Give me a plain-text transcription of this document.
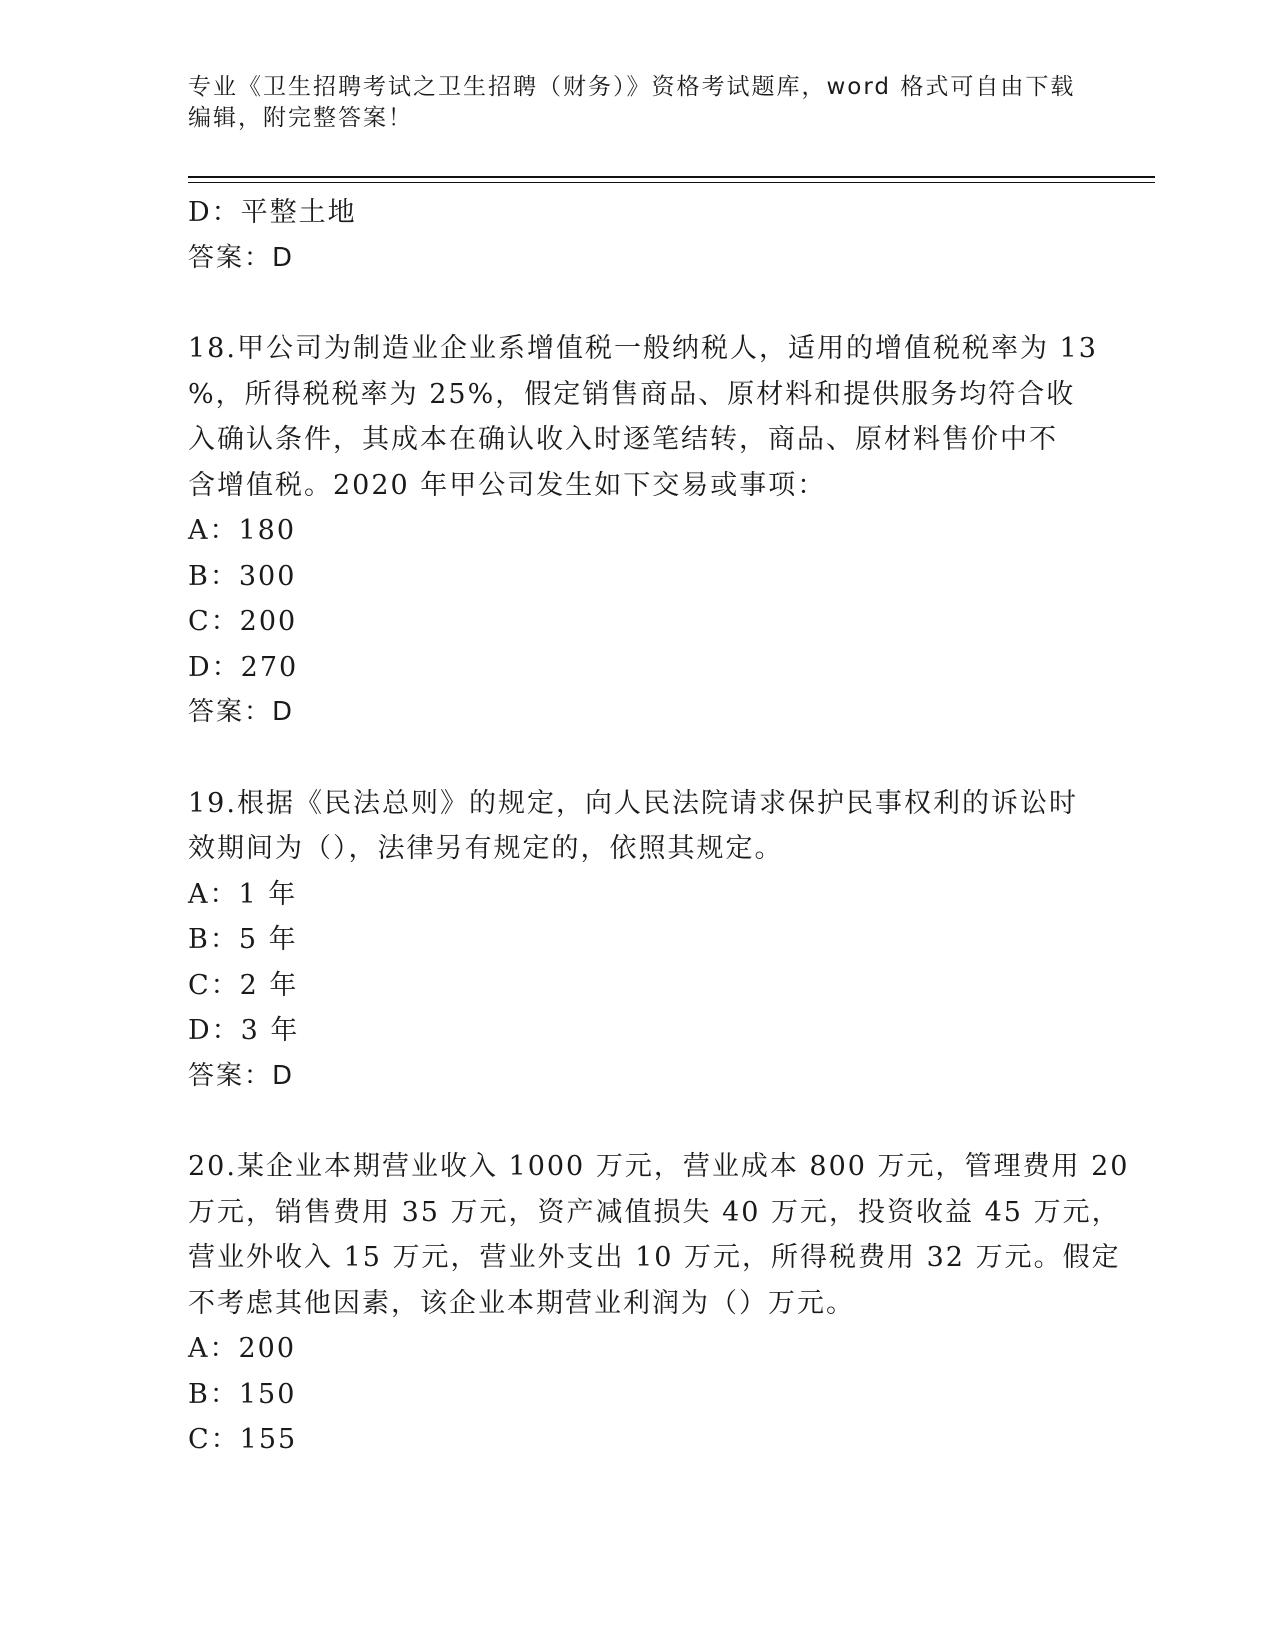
专业《卫生招聘考试之卫生招聘（财务）》资格考试题库，word 格式可自由下载
编辑，附完整答案！
D：平整土地
答案：D
18.甲公司为制造业企业系增值税一般纳税人，适用的增值税税率为 13
%，所得税税率为 25%，假定销售商品、原材料和提供服务均符合收
入确认条件，其成本在确认收入时逐笔结转，商品、原材料售价中不
含增值税。2020 年甲公司发生如下交易或事项：
A：180
B：300
C：200
D：270
答案：D
19.根据《民法总则》的规定，向人民法院请求保护民事权利的诉讼时
效期间为（），法律另有规定的，依照其规定。
A：1 年
B：5 年
C：2 年
D：3 年
答案：D
20.某企业本期营业收入 1000 万元，营业成本 800 万元，管理费用 20
万元，销售费用 35 万元，资产减值损失 40 万元，投资收益 45 万元，
营业外收入 15 万元，营业外支出 10 万元，所得税费用 32 万元。假定
不考虑其他因素，该企业本期营业利润为（）万元。
A：200
B：150
C：155
